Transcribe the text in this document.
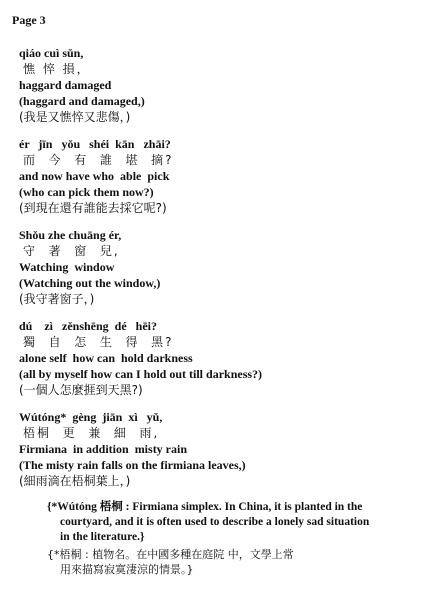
Page 3
qiáo cuì sǔn,
憔 悴 損，
haggard damaged
(haggard and damaged,)
(我是又憔悴又悲傷，)
ér   jīn   yǒu   shéi  kān   zhāi?
而  今  有  誰  堪  摘?
and now have who  able  pick
(who can pick them now?)
(到現在還有誰能去採它呢?)
Shǒu zhe chuāng ér,
守  著  窗  兒,
Watching  window
(Watching out the window,)
(我守著窗子，)
dú    zì   zěnshēng  dé   hēi?
獨  自  怎  生  得  黑?
alone self  how can  hold darkness
(all by myself how can I hold out till darkness?)
(一個人怎麼捱到天黑?)
Wútóng*  gèng  jiān  xì   yǔ,
梧桐  更  兼  細  雨,
Firmiana  in addition  misty rain
(The misty rain falls on the firmiana leaves,)
(細雨滴在梧桐葉上，)
{*Wútóng 梧桐 : Firmiana simplex. In China, it is planted in the
courtyard, and it is often used to describe a lonely sad situation
in the literature.}
{*梧桐 : 植物名。在中國多種在庭院 中，文學上常
用來描寫寂寞淒涼的情景。}
